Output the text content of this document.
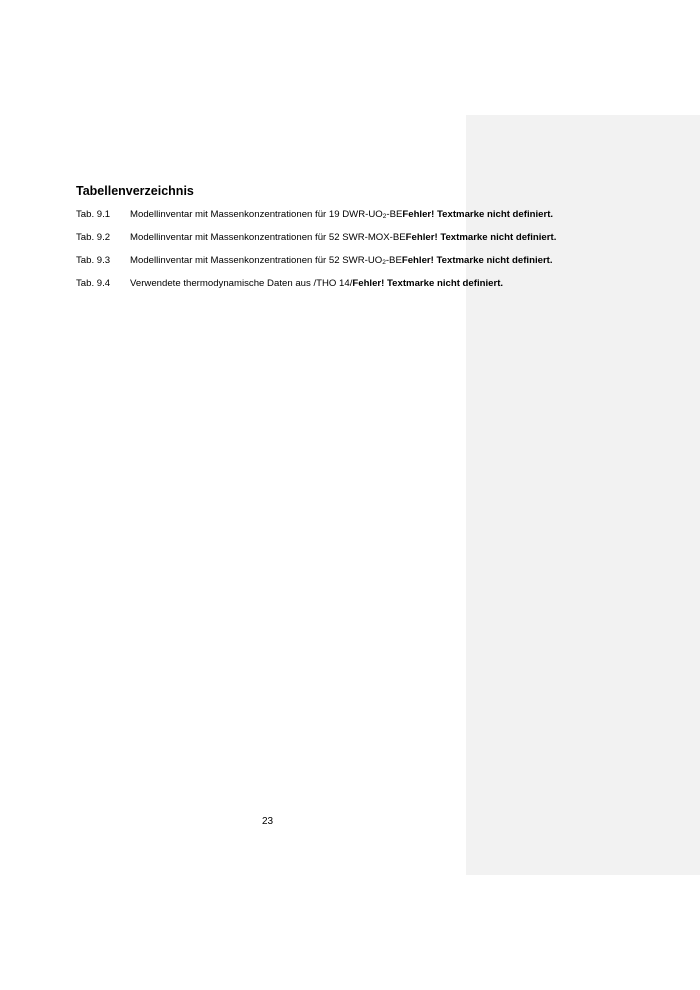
Tabellenverzeichnis
Tab. 9.1 Modellinventar mit Massenkonzentrationen für 19 DWR-$UO_2$-BEFehler! Textmarke nicht definiert.
Tab. 9.2 Modellinventar mit Massenkonzentrationen für 52 SWR-MOX-BEFehler! Textmarke nicht definiert.
Tab. 9.3 Modellinventar mit Massenkonzentrationen für 52 SWR-$UO_2$-BEFehler! Textmarke nicht definiert.
Tab. 9.4 Verwendete thermodynamische Daten aus /THO 14/Fehler! Textmarke nicht definiert.
23
